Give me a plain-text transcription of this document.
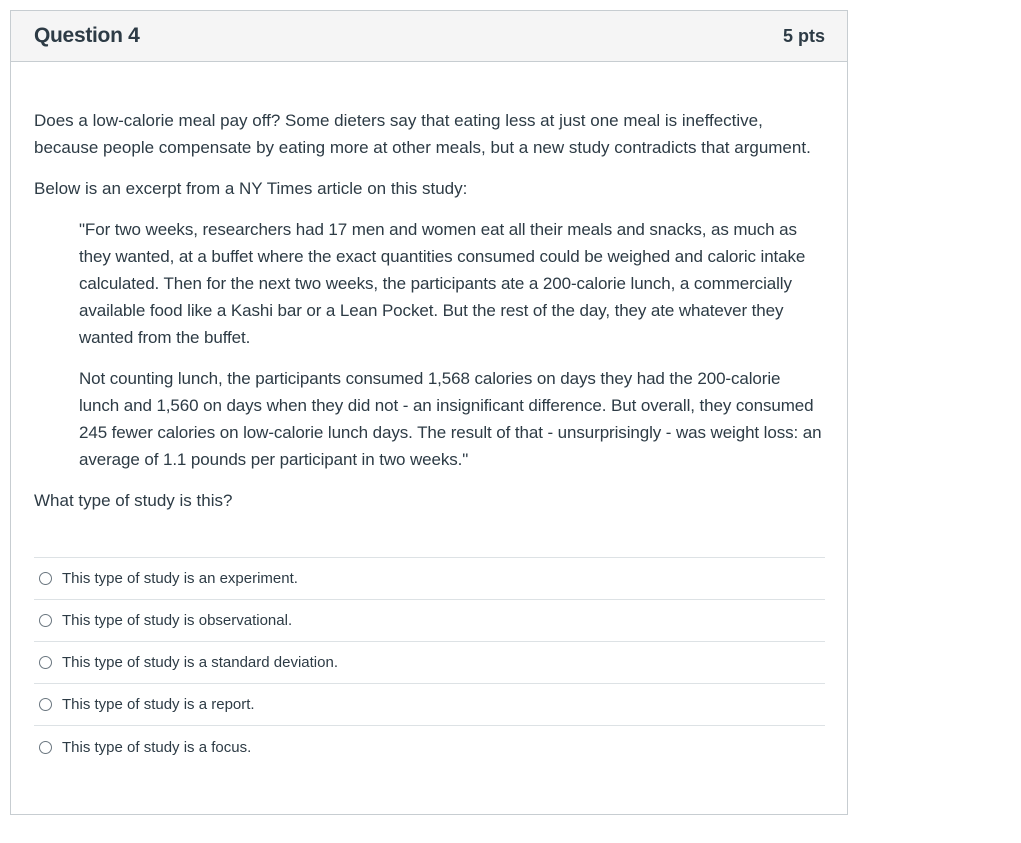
Question 4	5 pts

Does a low-calorie meal pay off? Some dieters say that eating less at just one meal is ineffective, because people compensate by eating more at other meals, but a new study contradicts that argument.

Below is an excerpt from a NY Times article on this study:

"For two weeks, researchers had 17 men and women eat all their meals and snacks, as much as they wanted, at a buffet where the exact quantities consumed could be weighed and caloric intake calculated. Then for the next two weeks, the participants ate a 200-calorie lunch, a commercially available food like a Kashi bar or a Lean Pocket. But the rest of the day, they ate whatever they wanted from the buffet.

Not counting lunch, the participants consumed 1,568 calories on days they had the 200-calorie lunch and 1,560 on days when they did not - an insignificant difference. But overall, they consumed 245 fewer calories on low-calorie lunch days. The result of that - unsurprisingly - was weight loss: an average of 1.1 pounds per participant in two weeks."

What type of study is this?

This type of study is an experiment.
This type of study is observational.
This type of study is a standard deviation.
This type of study is a report.
This type of study is a focus.
